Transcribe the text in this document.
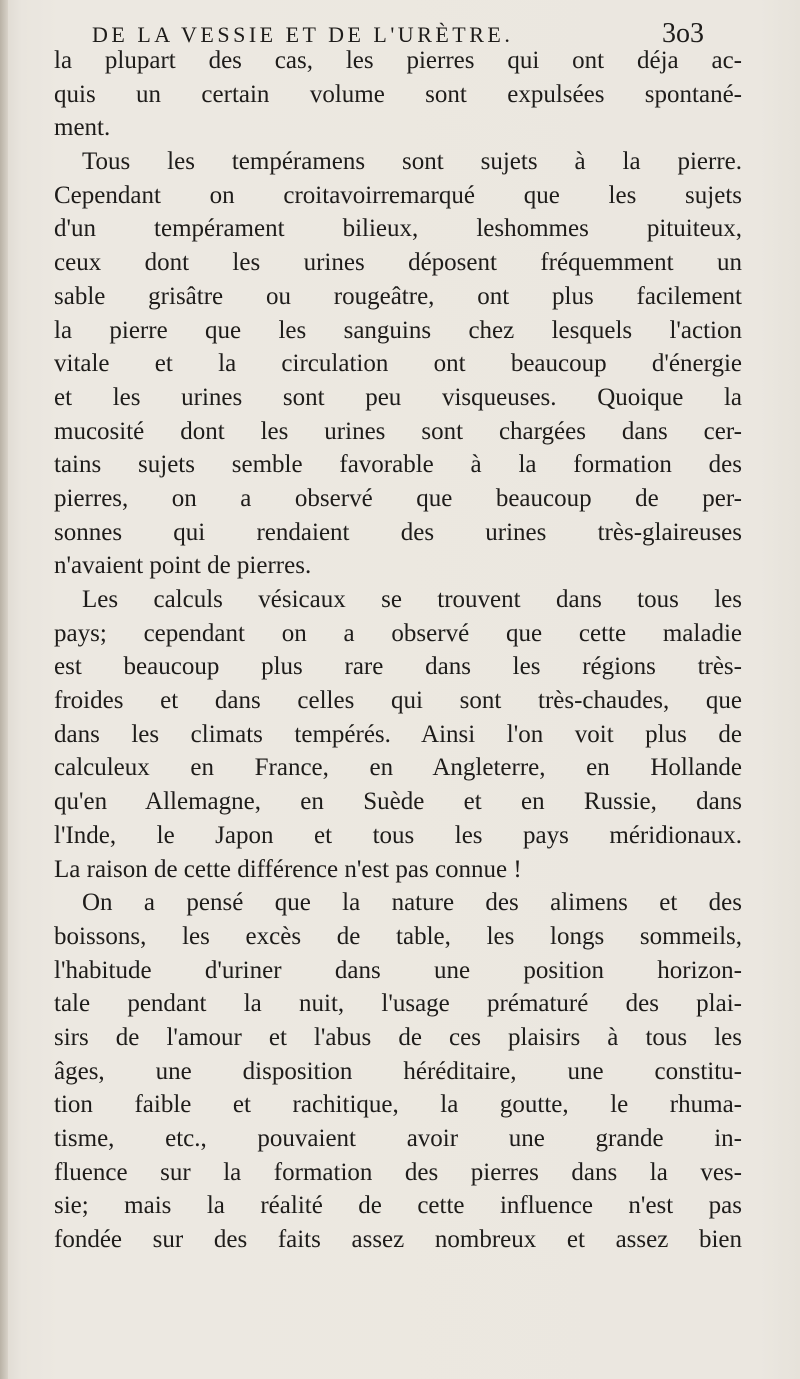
DE LA VESSIE ET DE L'URÈTRE.	3o3
la plupart des cas, les pierres qui ont déja ac-
quis un certain volume sont expulsées spontané-
ment.
Tous les tempéramens sont sujets à la pierre.
Cependant on croitavoirremarqué que les sujets
d'un tempérament bilieux, leshommes pituiteux,
ceux dont les urines déposent fréquemment un
sable grisâtre ou rougeâtre, ont plus facilement
la pierre que les sanguins chez lesquels l'action
vitale et la circulation ont beaucoup d'énergie
et les urines sont peu visqueuses. Quoique la
mucosité dont les urines sont chargées dans cer-
tains sujets semble favorable à la formation des
pierres, on a observé que beaucoup de per-
sonnes qui rendaient des urines très-glaireuses
n'avaient point de pierres.
Les calculs vésicaux se trouvent dans tous les
pays; cependant on a observé que cette maladie
est beaucoup plus rare dans les régions très-
froides et dans celles qui sont très-chaudes, que
dans les climats tempérés. Ainsi l'on voit plus de
calculeux en France, en Angleterre, en Hollande
qu'en Allemagne, en Suède et en Russie, dans
l'Inde, le Japon et tous les pays méridionaux.
La raison de cette différence n'est pas connue !
On a pensé que la nature des alimens et des
boissons, les excès de table, les longs sommeils,
l'habitude d'uriner dans une position horizon-
tale pendant la nuit, l'usage prématuré des plai-
sirs de l'amour et l'abus de ces plaisirs à tous les
âges, une disposition héréditaire, une constitu-
tion faible et rachitique, la goutte, le rhuma-
tisme, etc., pouvaient avoir une grande in-
fluence sur la formation des pierres dans la ves-
sie; mais la réalité de cette influence n'est pas
fondée sur des faits assez nombreux et assez bien
